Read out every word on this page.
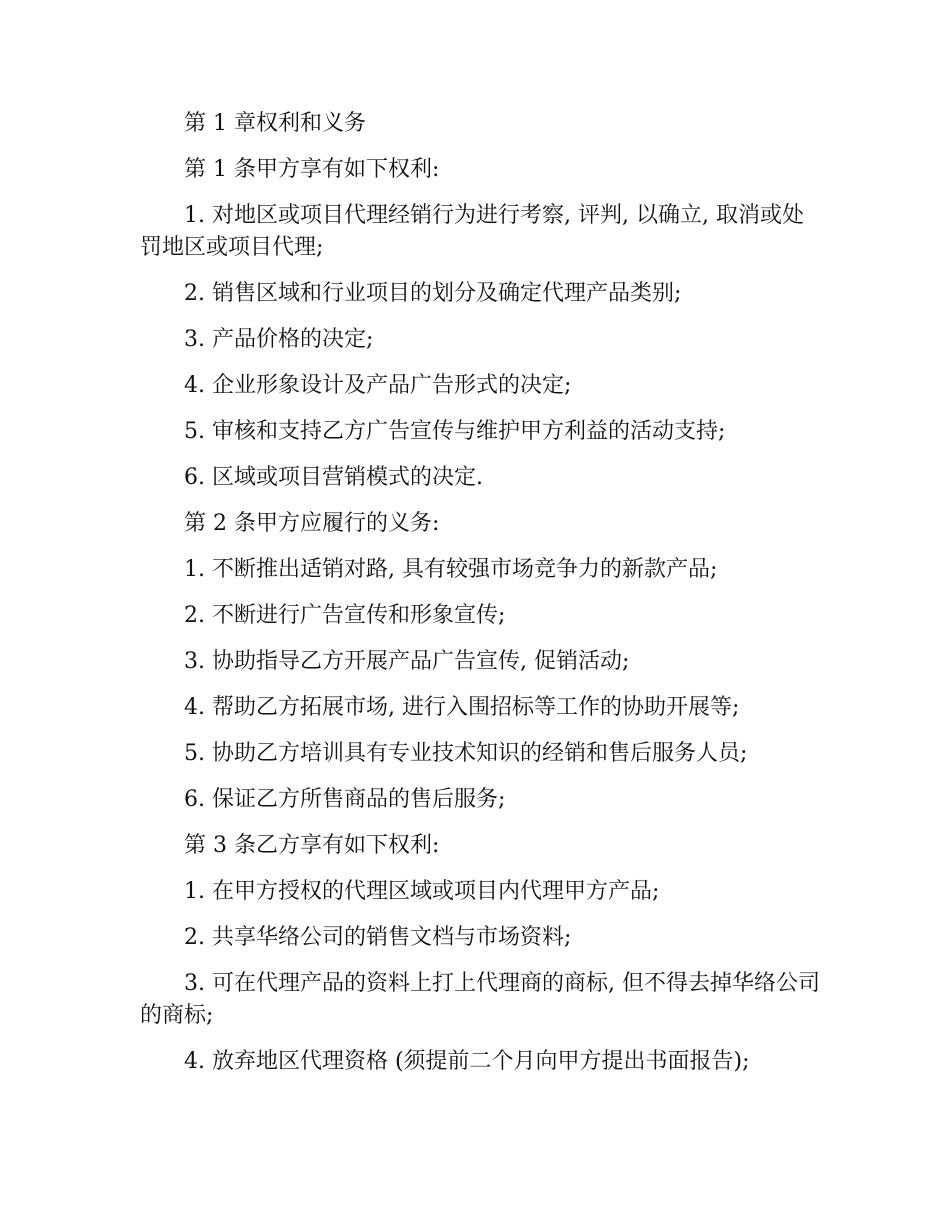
第 1 章权利和义务

第 1 条甲方享有如下权利:

1. 对地区或项目代理经销行为进行考察, 评判, 以确立, 取消或处罚地区或项目代理;

2. 销售区域和行业项目的划分及确定代理产品类别;

3. 产品价格的决定;

4. 企业形象设计及产品广告形式的决定;

5. 审核和支持乙方广告宣传与维护甲方利益的活动支持;

6. 区域或项目营销模式的决定.

第 2 条甲方应履行的义务:

1. 不断推出适销对路, 具有较强市场竞争力的新款产品;

2. 不断进行广告宣传和形象宣传;

3. 协助指导乙方开展产品广告宣传, 促销活动;

4. 帮助乙方拓展市场, 进行入围招标等工作的协助开展等;

5. 协助乙方培训具有专业技术知识的经销和售后服务人员;

6. 保证乙方所售商品的售后服务;

第 3 条乙方享有如下权利:

1. 在甲方授权的代理区域或项目内代理甲方产品;

2. 共享华络公司的销售文档与市场资料;

3. 可在代理产品的资料上打上代理商的商标, 但不得去掉华络公司的商标;

4. 放弃地区代理资格 (须提前二个月向甲方提出书面报告);
